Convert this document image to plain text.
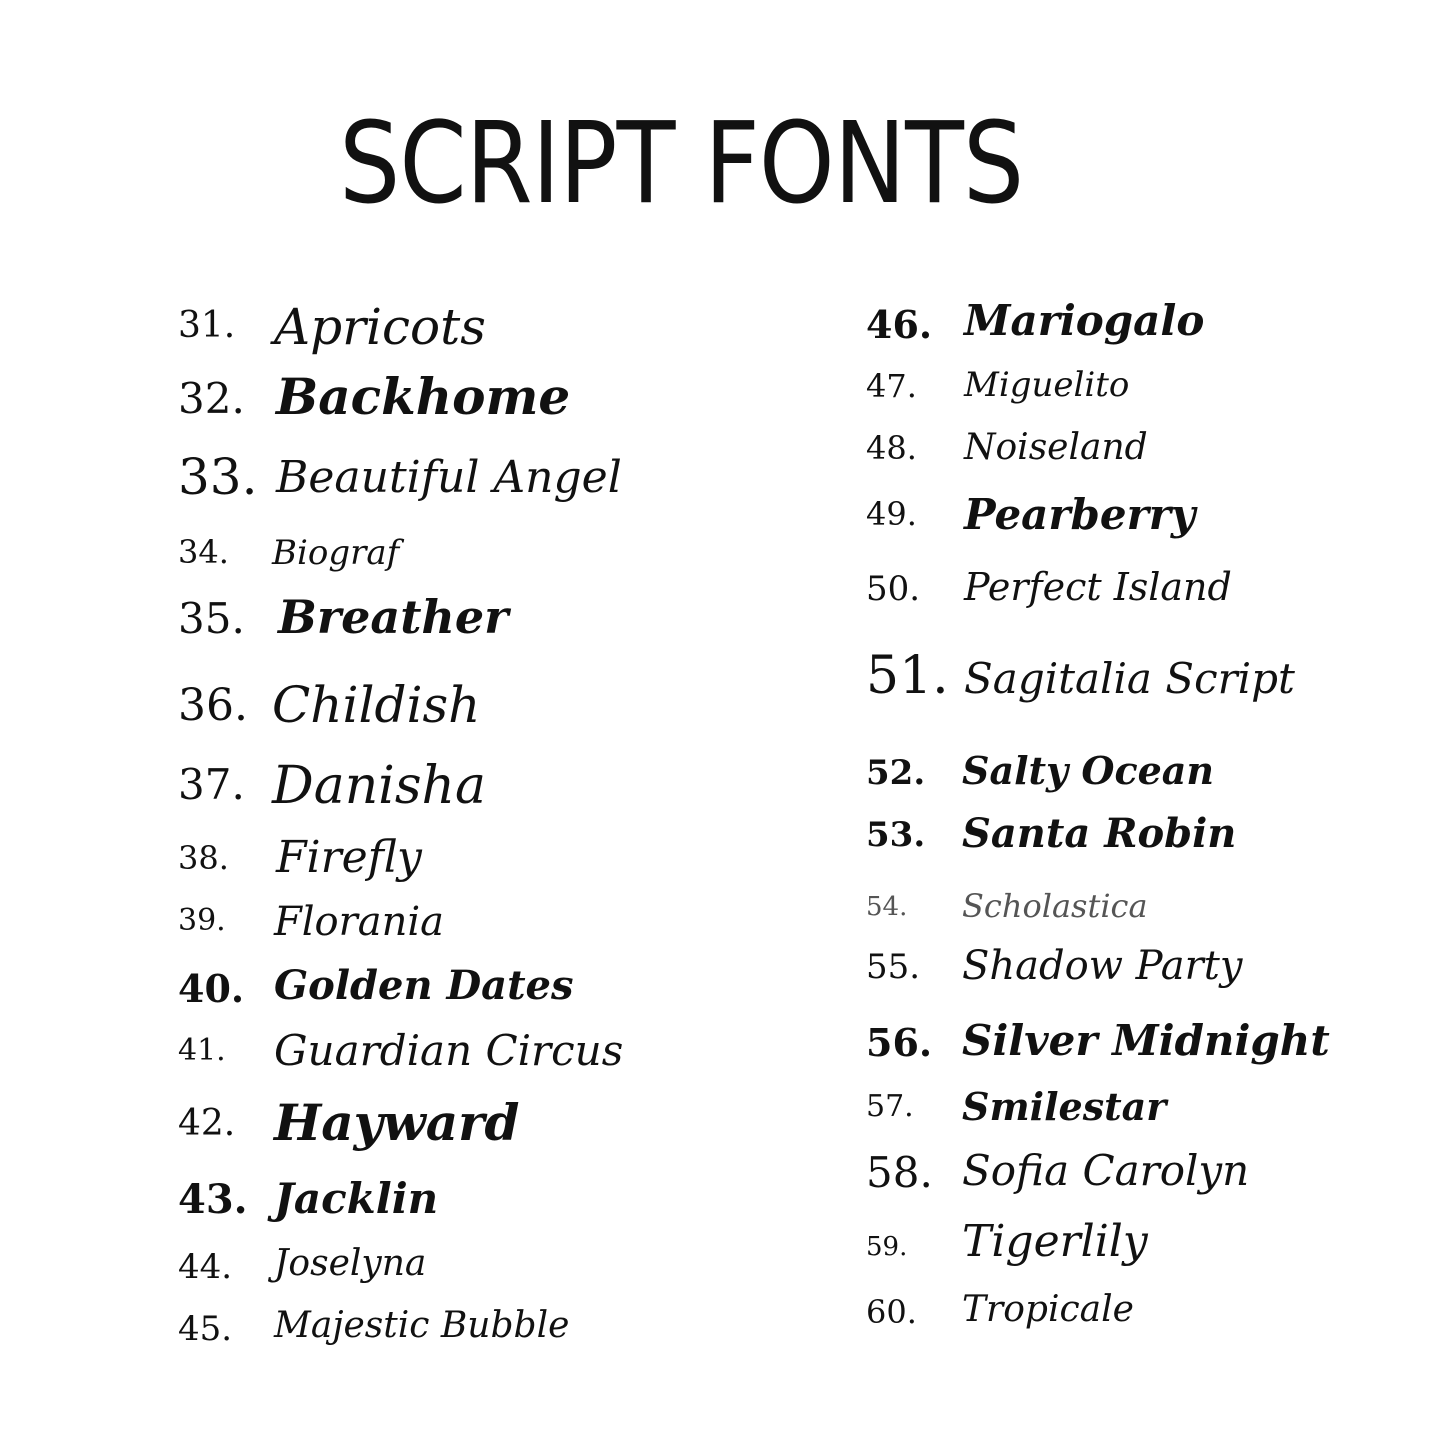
SCRIPT FONTS
31. Apricots
32. Backhome
33. Beautiful Angel
34. Biograf
35. Breather
36. Childish
37. Danisha
38. Firefly
39. Florania
40. Golden Dates
41. Guardian Circus
42. Hayward
43. Jacklin
44. Joselyna
45. Majestic Bubble
46. Mariogalo
47. Miguelito
48. Noiseland
49. Pearberry
50. Perfect Island
51. Sagitalia Script
52. Salty Ocean
53. Santa Robin
54. Scholastica
55. Shadow Party
56. Silver Midnight
57. Smilestar
58. Sofia Carolyn
59. Tigerlily
60. Tropicale
